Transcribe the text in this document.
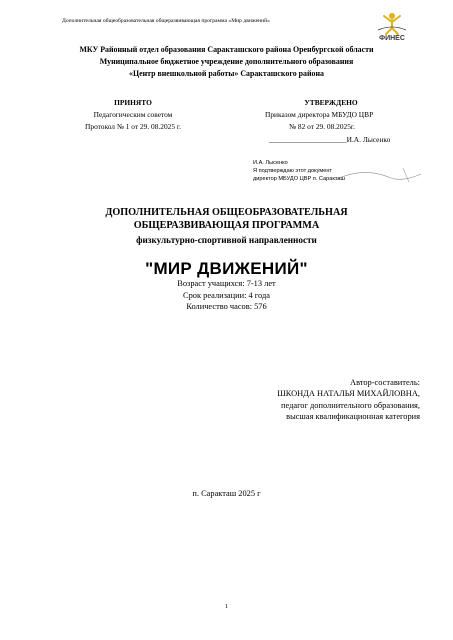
Дополнительная общеобразовательная общеразвивающая программа «Мир движений»
ФИНЕС
МКУ Районный отдел образования Саракташского района Оренбургской области
Муниципальное бюджетное учреждение дополнительного образования
«Центр внешкольной работы» Саракташского района
ПРИНЯТО
Педагогическим советом
Протокол № 1 от 29. 08.2025 г.
УТВЕРЖДЕНО
Приказом директора МБУДО ЦВР
№ 82 от 29. 08.2025г.
_____________________И.А. Лысенко
И.А. Лысенко
Я подтверждаю этот документ
директор МБУДО ЦВР п. Саракташ
ДОПОЛНИТЕЛЬНАЯ ОБЩЕОБРАЗОВАТЕЛЬНАЯ
ОБЩЕРАЗВИВАЮЩАЯ ПРОГРАММА
физкультурно-спортивной направленности
"МИР ДВИЖЕНИЙ"
Возраст учащихся: 7-13 лет
Срок реализации: 4 года
Количество часов: 576
Автор-составитель:
ШКОНДА НАТАЛЬЯ МИХАЙЛОВНА,
педагог дополнительного образования,
высшая квалификационная категория
п. Саракташ 2025 г
1
